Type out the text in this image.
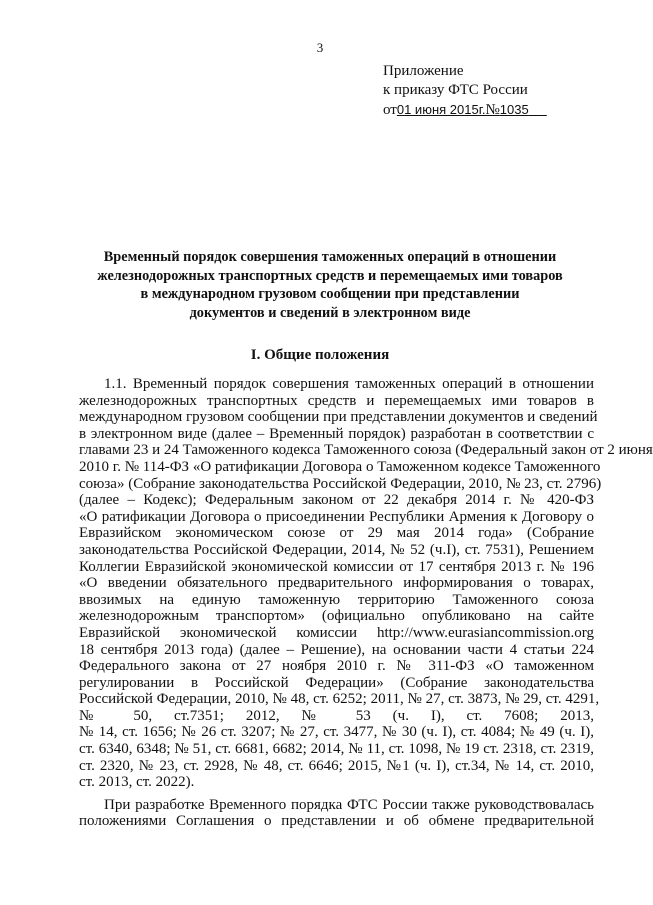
3
Приложение
к приказу ФТС России
от01 июня 2015г.№1035
Временный порядок совершения таможенных операций в отношении
железнодорожных транспортных средств и перемещаемых ими товаров
в международном грузовом сообщении при представлении
документов и сведений в электронном виде
I. Общие положения
1.1. Временный порядок совершения таможенных операций в отношении
железнодорожных транспортных средств и перемещаемых ими товаров в
международном грузовом сообщении при представлении документов и сведений
в электронном виде (далее – Временный порядок) разработан в соответствии с
главами 23 и 24 Таможенного кодекса Таможенного союза (Федеральный закон от 2 июня
2010 г. № 114-ФЗ «О ратификации Договора о Таможенном кодексе Таможенного
союза» (Собрание законодательства Российской Федерации, 2010, № 23, ст. 2796)
(далее – Кодекс); Федеральным законом от 22 декабря 2014 г. № 420-ФЗ
«О ратификации Договора о присоединении Республики Армения к Договору о
Евразийском экономическом союзе от 29 мая 2014 года» (Собрание
законодательства Российской Федерации, 2014, № 52 (ч.I), ст. 7531), Решением
Коллегии Евразийской экономической комиссии от 17 сентября 2013 г. № 196
«О введении обязательного предварительного информирования о товарах,
ввозимых на единую таможенную территорию Таможенного союза
железнодорожным транспортом» (официально опубликовано на сайте
Евразийской экономической комиссии http://www.eurasiancommission.org
18 сентября 2013 года) (далее – Решение), на основании части 4 статьи 224
Федерального закона от 27 ноября 2010 г. № 311-ФЗ «О таможенном
регулировании в Российской Федерации» (Собрание законодательства
Российской Федерации, 2010, № 48, ст. 6252; 2011, № 27, ст. 3873, № 29, ст. 4291,
№ 50, ст.7351; 2012, № 53 (ч. I), ст. 7608; 2013,
№ 14, ст. 1656; № 26 ст. 3207; № 27, ст. 3477, № 30 (ч. I), ст. 4084; № 49 (ч. I),
ст. 6340, 6348; № 51, ст. 6681, 6682; 2014, № 11, ст. 1098, № 19 ст. 2318, ст. 2319,
ст. 2320, № 23, ст. 2928, № 48, ст. 6646; 2015, №1 (ч. I), ст.34, № 14, ст. 2010,
ст. 2013, ст. 2022).
При разработке Временного порядка ФТС России также руководствовалась
положениями Соглашения о представлении и об обмене предварительной
